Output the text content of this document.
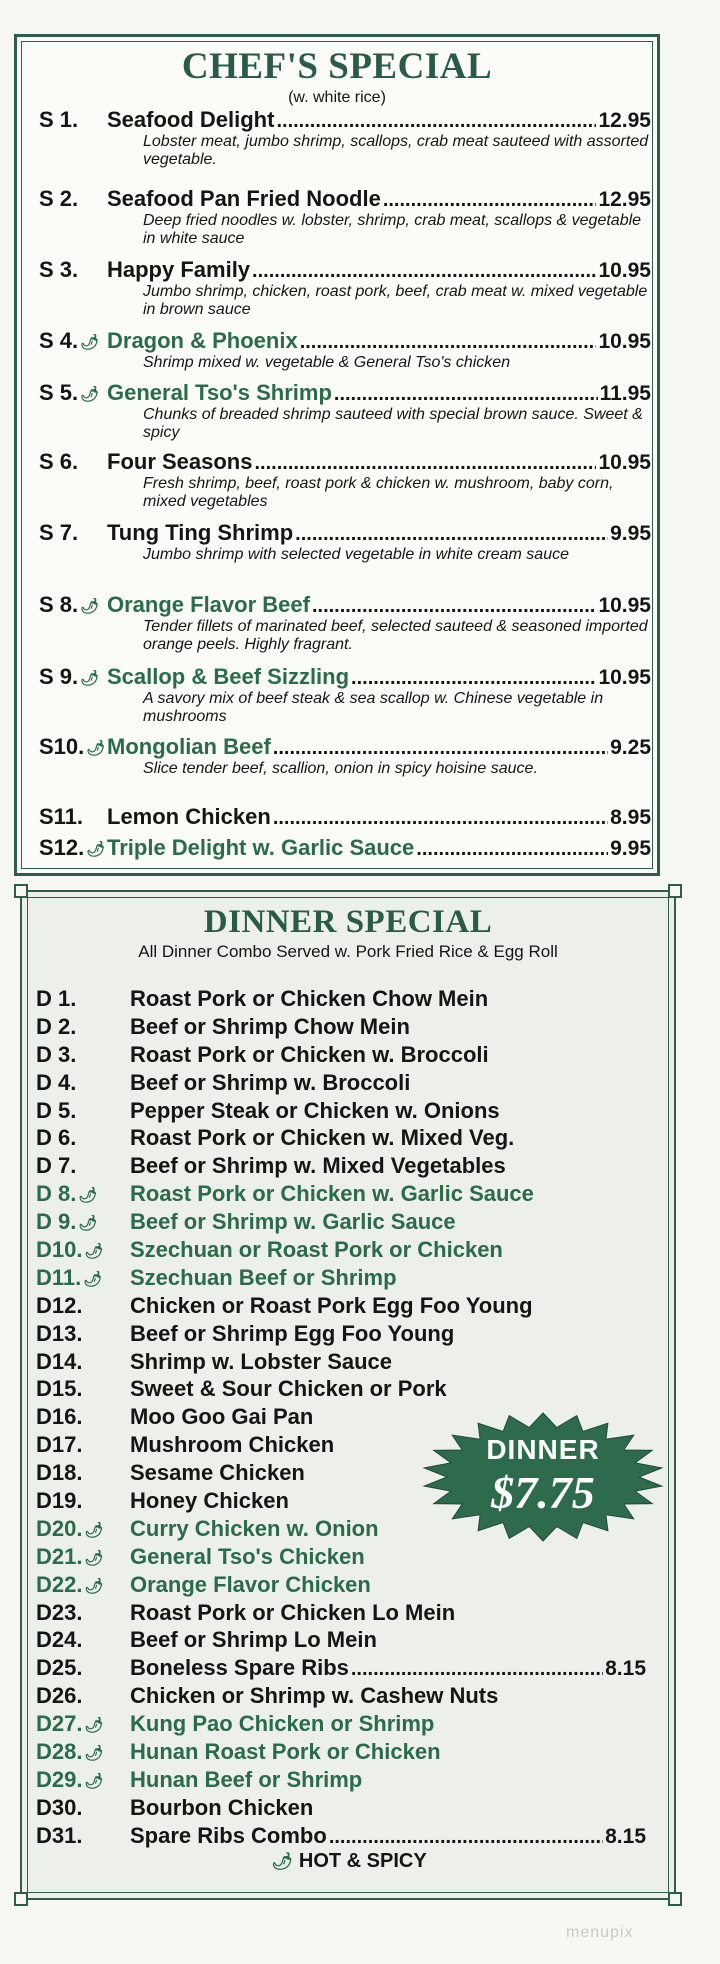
CHEF'S SPECIAL
(w. white rice)
S 1.	Seafood Delight .....	12.95
Lobster meat, jumbo shrimp, scallops, crab meat sauteed with assorted vegetable.
S 2.	Seafood Pan Fried Noodle .....	12.95
Deep fried noodles w. lobster, shrimp, crab meat, scallops & vegetable in white sauce
S 3.	Happy Family .....	10.95
Jumbo shrimp, chicken, roast pork, beef, crab meat w. mixed vegetable in brown sauce
S 4. 🌶︎ Dragon & Phoenix .....	10.95
Shrimp mixed w. vegetable & General Tso's chicken
S 5. 🌶︎ General Tso's Shrimp .....	11.95
Chunks of breaded shrimp sauteed with special brown sauce. Sweet & spicy
S 6.	Four Seasons .....	10.95
Fresh shrimp, beef, roast pork & chicken w. mushroom, baby corn, mixed vegetables
S 7.	Tung Ting Shrimp .....	9.95
Jumbo shrimp with selected vegetable in white cream sauce
S 8. 🌶︎ Orange Flavor Beef .....	10.95
Tender fillets of marinated beef, selected sauteed & seasoned imported orange peels. Highly fragrant.
S 9. 🌶︎ Scallop & Beef Sizzling .....	10.95
A savory mix of beef steak & sea scallop w. Chinese vegetable in mushrooms
S10. 🌶︎ Mongolian Beef .....	9.25
Slice tender beef, scallion, onion in spicy hoisine sauce.
S11.	Lemon Chicken .....	8.95
S12. 🌶︎ Triple Delight w. Garlic Sauce .....	9.95
DINNER SPECIAL
All Dinner Combo Served w. Pork Fried Rice & Egg Roll
D 1.	Roast Pork or Chicken Chow Mein
D 2.	Beef or Shrimp Chow Mein
D 3.	Roast Pork or Chicken w. Broccoli
D 4.	Beef or Shrimp w. Broccoli
D 5.	Pepper Steak or Chicken w. Onions
D 6.	Roast Pork or Chicken w. Mixed Veg.
D 7.	Beef or Shrimp w. Mixed Vegetables
D 8. 🌶︎	Roast Pork or Chicken w. Garlic Sauce
D 9. 🌶︎	Beef or Shrimp w. Garlic Sauce
D10. 🌶︎	Szechuan or Roast Pork or Chicken
D11. 🌶︎	Szechuan Beef or Shrimp
D12.	Chicken or Roast Pork Egg Foo Young
D13.	Beef or Shrimp Egg Foo Young
D14.	Shrimp w. Lobster Sauce
D15.	Sweet & Sour Chicken or Pork
D16.	Moo Goo Gai Pan
D17.	Mushroom Chicken
D18.	Sesame Chicken
D19.	Honey Chicken
D20. 🌶︎	Curry Chicken w. Onion
D21. 🌶︎	General Tso's Chicken
D22. 🌶︎	Orange Flavor Chicken
D23.	Roast Pork or Chicken Lo Mein
D24.	Beef or Shrimp Lo Mein
D25.	Boneless Spare Ribs .....	8.15
D26.	Chicken or Shrimp w. Cashew Nuts
D27. 🌶︎	Kung Pao Chicken or Shrimp
D28. 🌶︎	Hunan Roast Pork or Chicken
D29. 🌶︎	Hunan Beef or Shrimp
D30.	Bourbon Chicken
D31.	Spare Ribs Combo .....	8.15
🌶︎ HOT & SPICY
DINNER
$7.75
menupix
